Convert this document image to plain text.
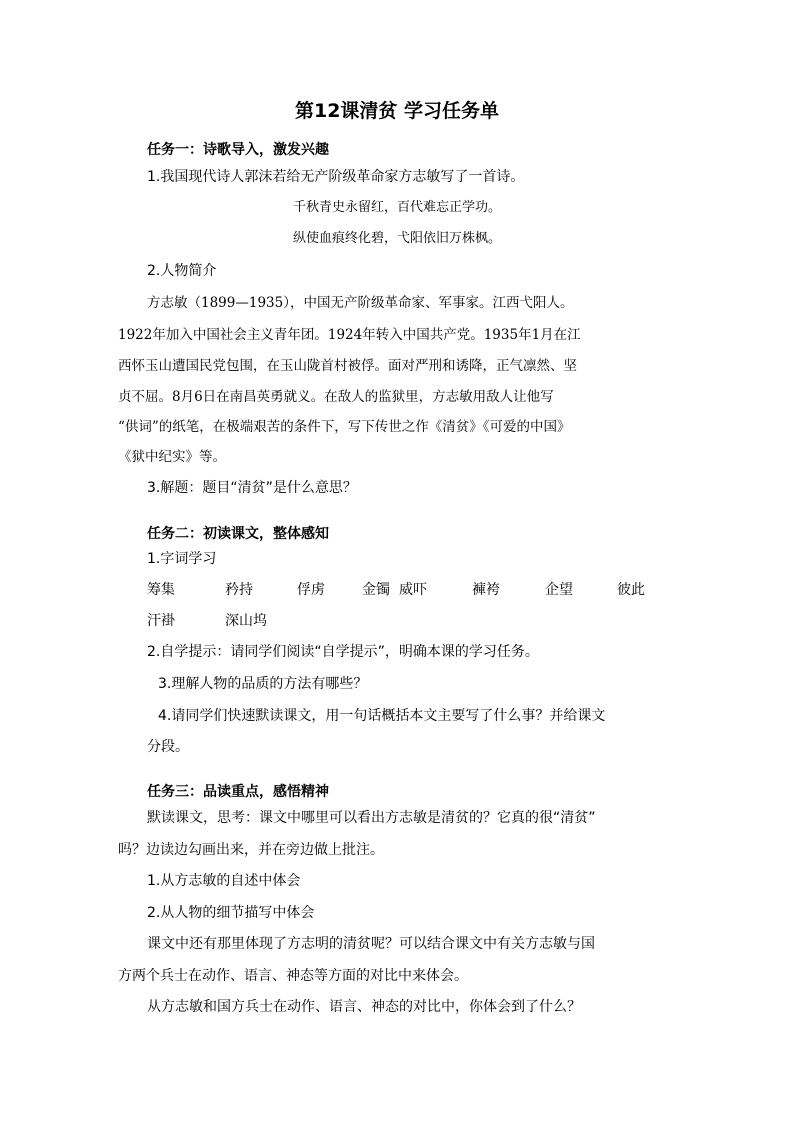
第12课清贫 学习任务单
任务一：诗歌导入，激发兴趣
1.我国现代诗人郭沫若给无产阶级革命家方志敏写了一首诗。
千秋青史永留红，百代难忘正学功。
纵使血痕终化碧，弋阳依旧万株枫。
2.人物简介
方志敏（1899—1935），中国无产阶级革命家、军事家。江西弋阳人。
1922年加入中国社会主义青年团。1924年转入中国共产党。1935年1月在江
西怀玉山遭国民党包围，在玉山陇首村被俘。面对严刑和诱降，正气凛然、坚
贞不屈。8月6日在南昌英勇就义。在敌人的监狱里，方志敏用敌人让他写
“供词”的纸笔，在极端艰苦的条件下，写下传世之作《清贫》《可爱的中国》
《狱中纪实》等。
3.解题：题目“清贫”是什么意思？
任务二：初读课文，整体感知
1.字词学习
筹集	矜持	俘虏	金镯 威吓	褲袴	企望	彼此
汗褂	深山坞
2.自学提示：请同学们阅读“自学提示”，明确本课的学习任务。
3.理解人物的品质的方法有哪些？
4.请同学们快速默读课文，用一句话概括本文主要写了什么事？并给课文
分段。
任务三：品读重点，感悟精神
默读课文，思考：课文中哪里可以看出方志敏是清贫的？它真的很“清贫”
吗？边读边勾画出来，并在旁边做上批注。
1.从方志敏的自述中体会
2.从人物的细节描写中体会
课文中还有那里体现了方志明的清贫呢？可以结合课文中有关方志敏与国
方两个兵士在动作、语言、神态等方面的对比中来体会。
从方志敏和国方兵士在动作、语言、神态的对比中，你体会到了什么？
